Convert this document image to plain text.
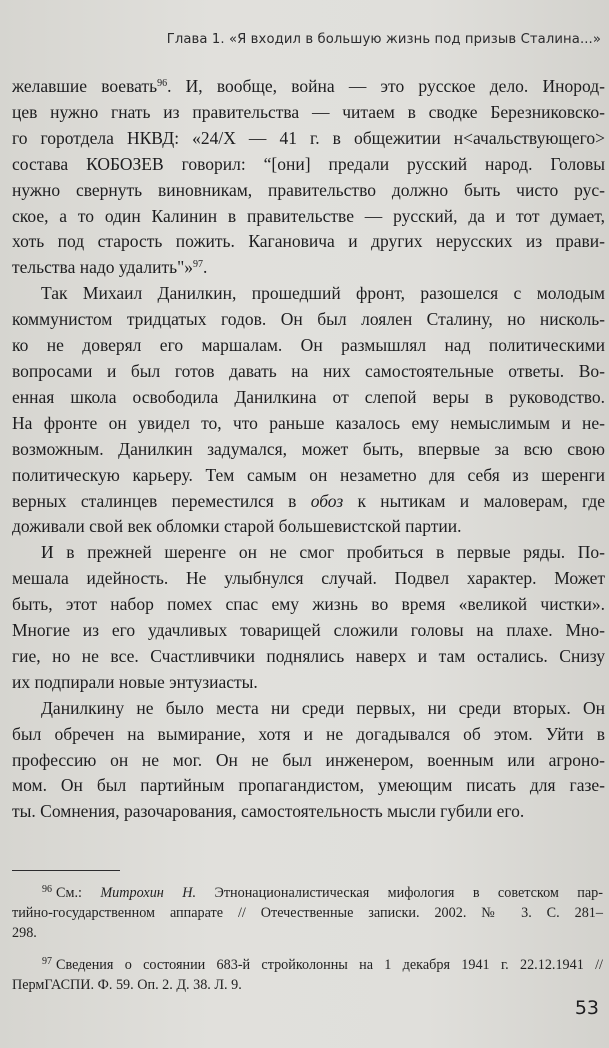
Глава 1. «Я входил в большую жизнь под призыв Сталина...»

желавшие воевать$^{96}$. И, вообще, война — это русское дело. Инород-
цев нужно гнать из правительства — читаем в сводке Березниковско-
го горотдела НКВД: «24/X — 41 г. в общежитии н<ачальствующего>
состава КОБОЗЕВ говорил: “[они] предали русский народ. Головы
нужно свернуть виновникам, правительство должно быть чисто рус-
ское, а то один Калинин в правительстве — русский, да и тот думает,
хоть под старость пожить. Кагановича и других нерусских из прави-
тельства надо удалить"»$^{97}$.

Так Михаил Данилкин, прошедший фронт, разошелся с молодым
коммунистом тридцатых годов. Он был лоялен Сталину, но нисколь-
ко не доверял его маршалам. Он размышлял над политическими
вопросами и был готов давать на них самостоятельные ответы. Во-
енная школа освободила Данилкина от слепой веры в руководство.
На фронте он увидел то, что раньше казалось ему немыслимым и не-
возможным. Данилкин задумался, может быть, впервые за всю свою
политическую карьеру. Тем самым он незаметно для себя из шеренги
верных сталинцев переместился в обоз к нытикам и маловерам, где
доживали свой век обломки старой большевистской партии.

И в прежней шеренге он не смог пробиться в первые ряды. По-
мешала идейность. Не улыбнулся случай. Подвел характер. Может
быть, этот набор помех спас ему жизнь во время «великой чистки».
Многие из его удачливых товарищей сложили головы на плахе. Мно-
гие, но не все. Счастливчики поднялись наверх и там остались. Снизу
их подпирали новые энтузиасты.

Данилкину не было места ни среди первых, ни среди вторых. Он
был обречен на вымирание, хотя и не догадывался об этом. Уйти в
профессию он не мог. Он не был инженером, военным или агроно-
мом. Он был партийным пропагандистом, умеющим писать для газе-
ты. Сомнения, разочарования, самостоятельность мысли губили его.

$^{96}$ См.: Митрохин Н. Этнонационалистическая мифология в советском пар-
тийно-государственном аппарате // Отечественные записки. 2002. № 3. С. 281–
298.
$^{97}$ Сведения о состоянии 683-й стройколонны на 1 декабря 1941 г. 22.12.1941 //
ПермГАСПИ. Ф. 59. Оп. 2. Д. 38. Л. 9.
53
